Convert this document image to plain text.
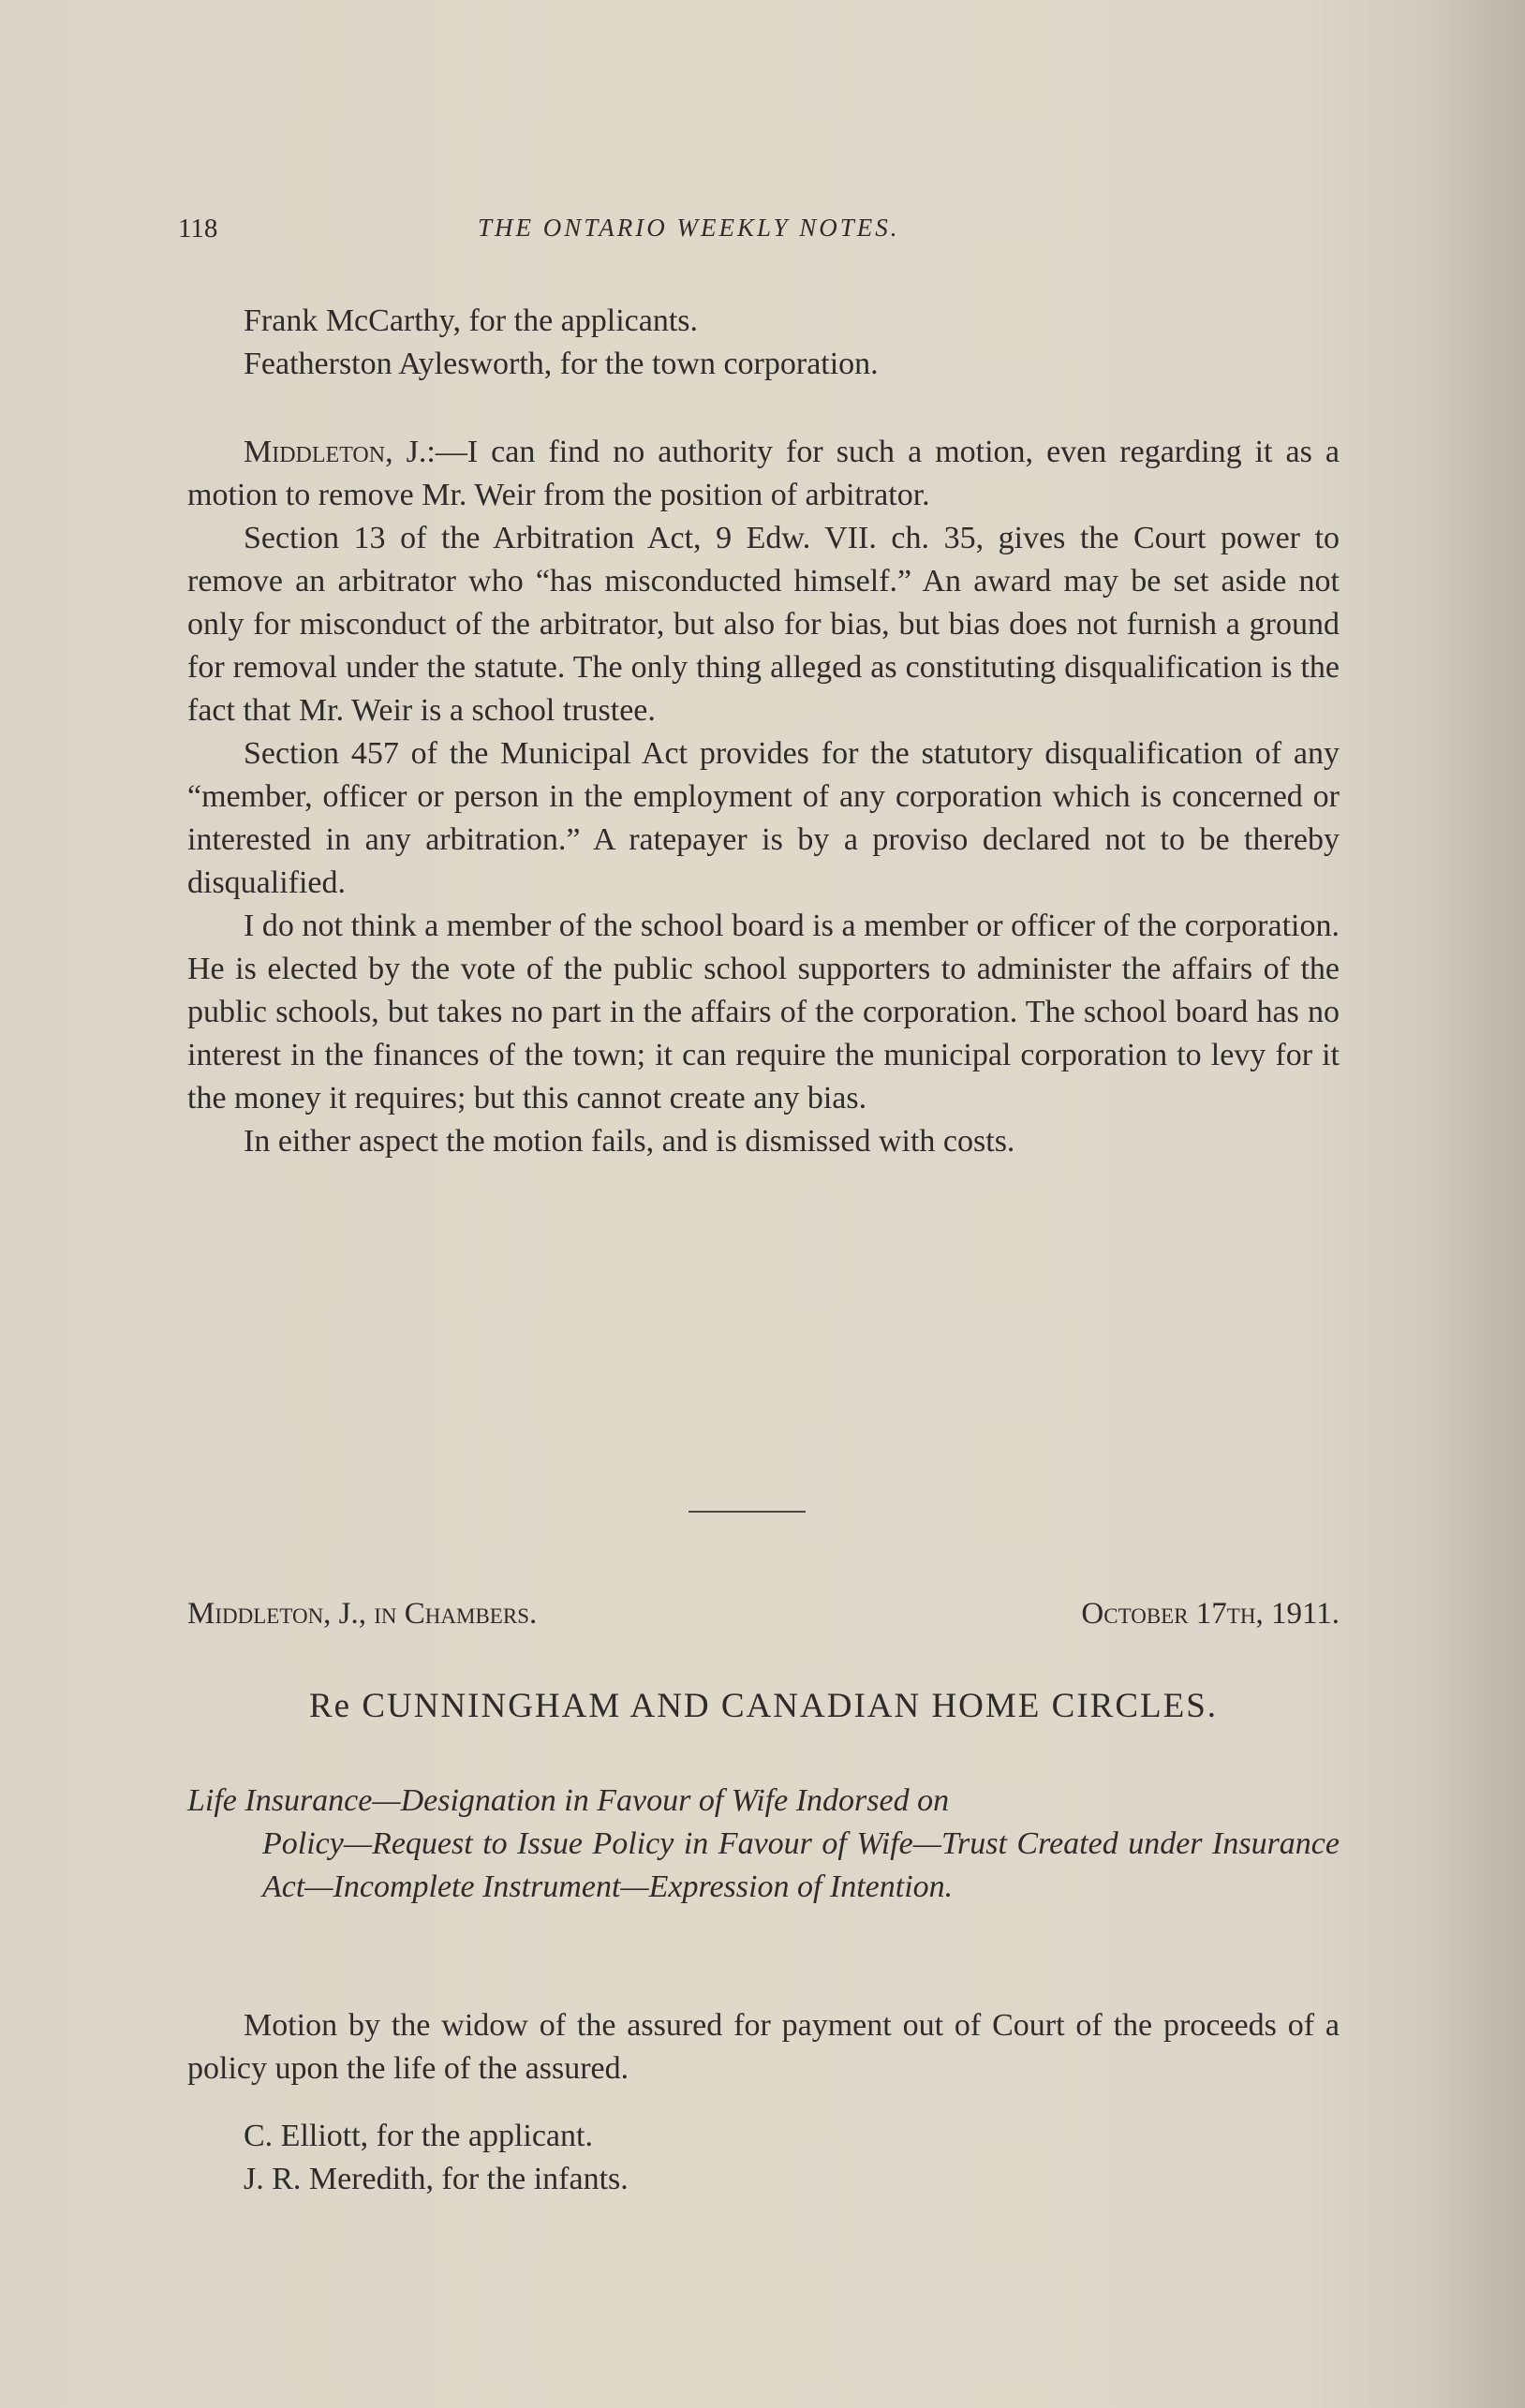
118	THE ONTARIO WEEKLY NOTES.

Frank McCarthy, for the applicants.

Featherston Aylesworth, for the town corporation.

Middleton, J.:—I can find no authority for such a motion, even regarding it as a motion to remove Mr. Weir from the position of arbitrator.

Section 13 of the Arbitration Act, 9 Edw. VII. ch. 35, gives the Court power to remove an arbitrator who “has misconducted himself.” An award may be set aside not only for misconduct of the arbitrator, but also for bias, but bias does not furnish a ground for removal under the statute. The only thing alleged as constituting disqualification is the fact that Mr. Weir is a school trustee.

Section 457 of the Municipal Act provides for the statutory disqualification of any “member, officer or person in the employment of any corporation which is concerned or interested in any arbitration.” A ratepayer is by a proviso declared not to be thereby disqualified.

I do not think a member of the school board is a member or officer of the corporation. He is elected by the vote of the public school supporters to administer the affairs of the public schools, but takes no part in the affairs of the corporation. The school board has no interest in the finances of the town; it can require the municipal corporation to levy for it the money it requires; but this cannot create any bias.

In either aspect the motion fails, and is dismissed with costs.

Middleton, J., in Chambers.	October 17th, 1911.
Re CUNNINGHAM AND CANADIAN HOME CIRCLES.

Life Insurance—Designation in Favour of Wife Indorsed on

Policy—Request to Issue Policy in Favour of Wife—Trust Created under Insurance Act—Incomplete Instrument—Expression of Intention.

Motion by the widow of the assured for payment out of Court of the proceeds of a policy upon the life of the assured.

C. Elliott, for the applicant.

J. R. Meredith, for the infants.
